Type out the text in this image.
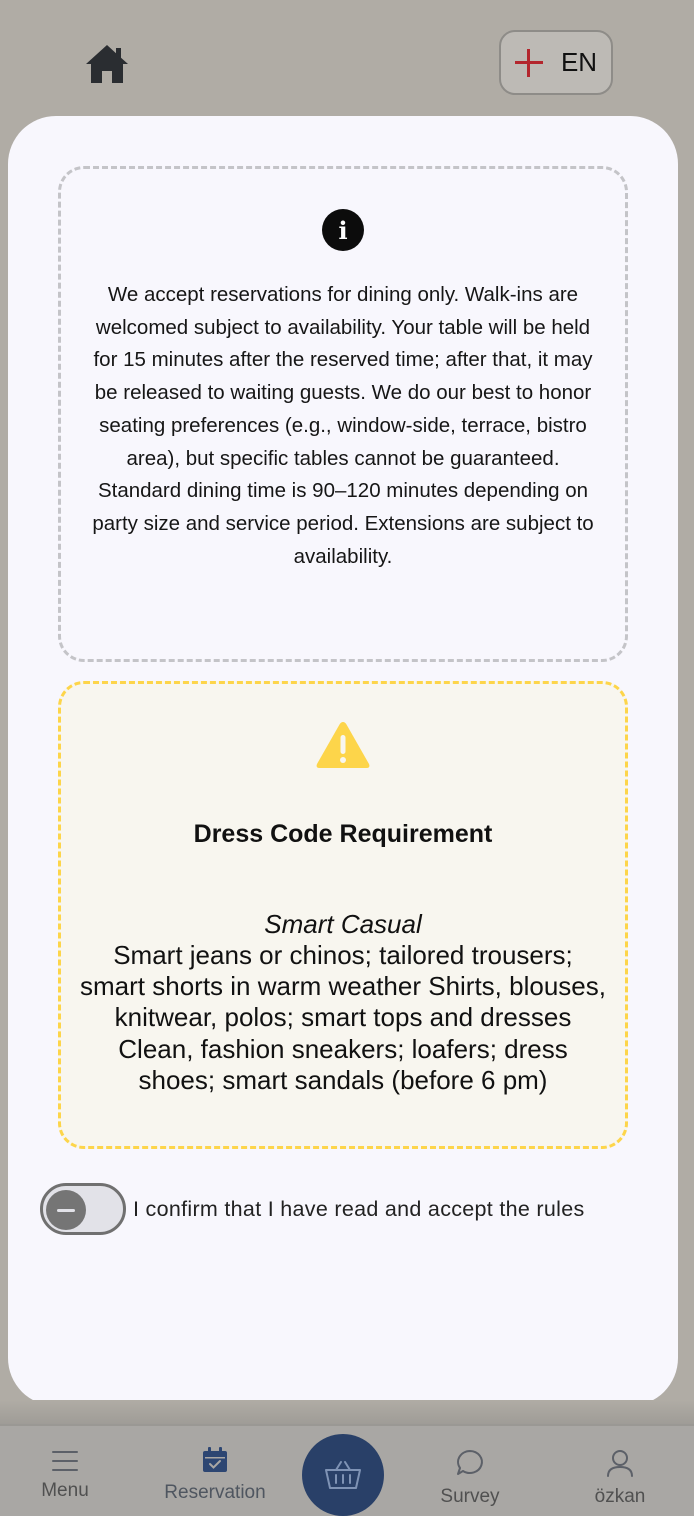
EN
i

We accept reservations for dining only. Walk-ins are welcomed subject to availability. Your table will be held for 15 minutes after the reserved time; after that, it may be released to waiting guests. We do our best to honor seating preferences (e.g., window-side, terrace, bistro area), but specific tables cannot be guaranteed. Standard dining time is 90–120 minutes depending on party size and service period. Extensions are subject to availability.

Dress Code Requirement
Smart Casual
Smart jeans or chinos; tailored trousers; smart shorts in warm weather Shirts, blouses, knitwear, polos; smart tops and dresses Clean, fashion sneakers; loafers; dress shoes; smart sandals (before 6 pm)
I confirm that I have read and accept the rules
Menu	Reservation	Survey	özkan
